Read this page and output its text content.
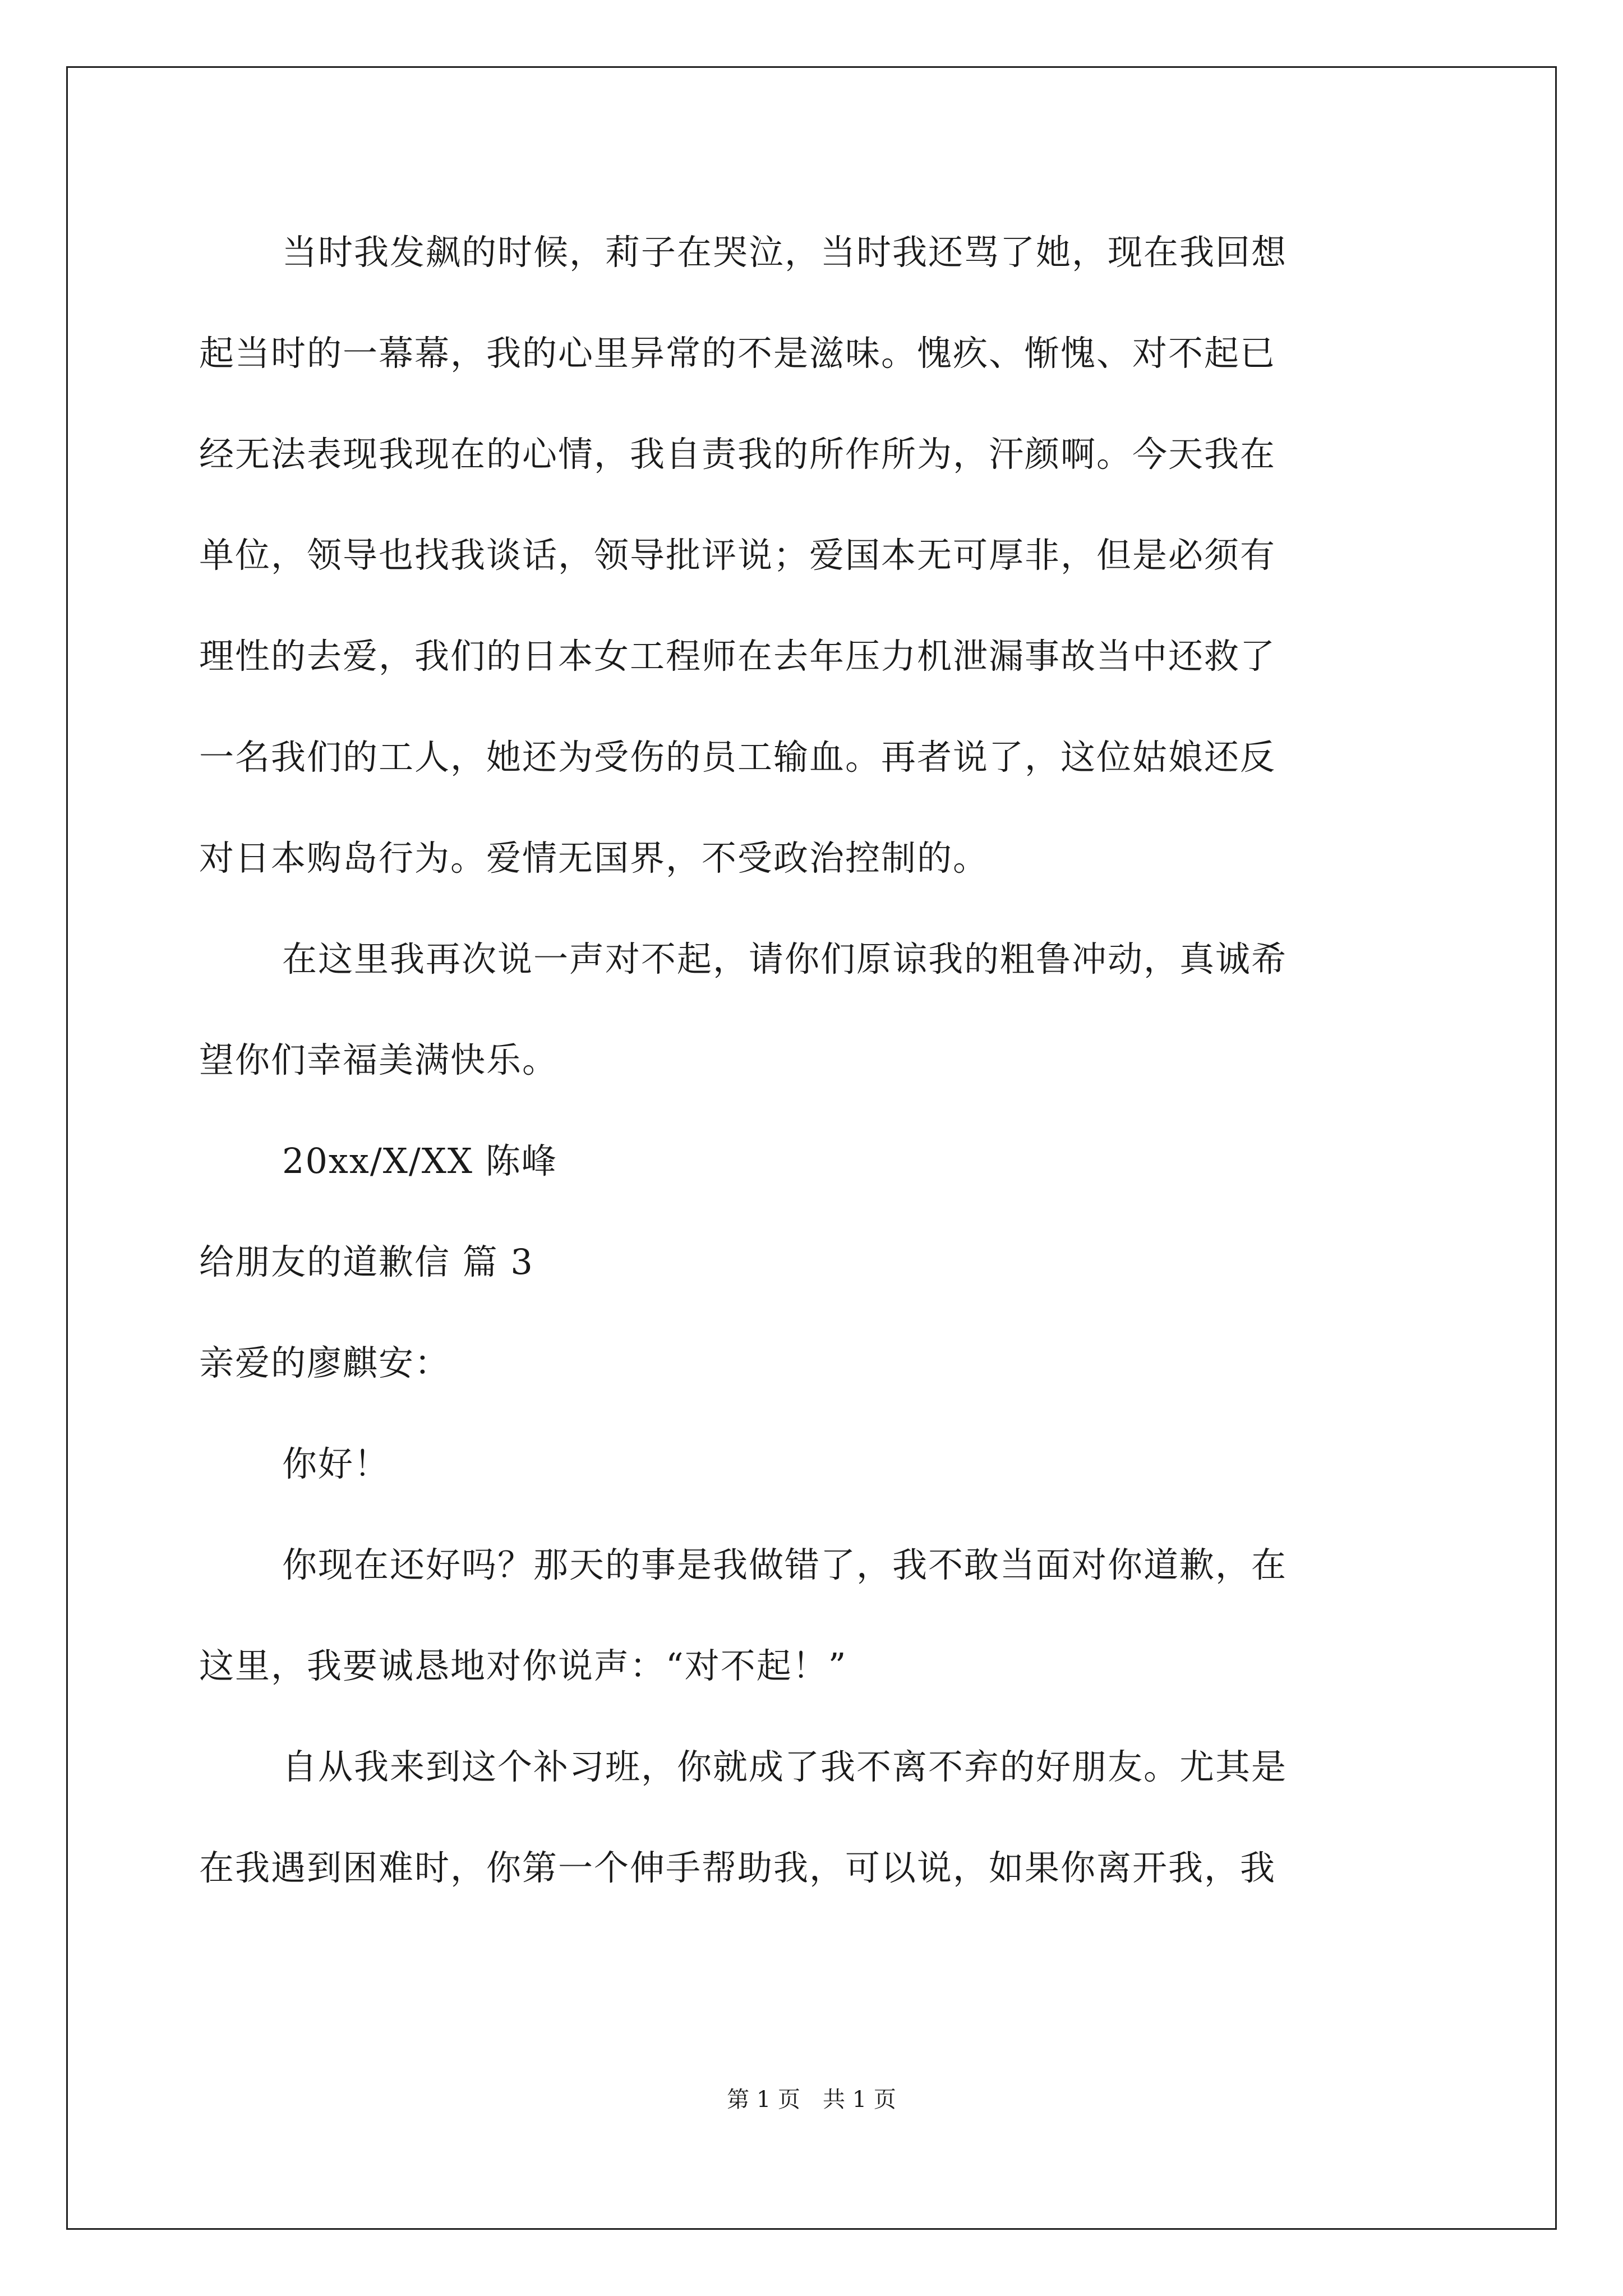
当时我发飙的时候，莉子在哭泣，当时我还骂了她，现在我回想
起当时的一幕幕，我的心里异常的不是滋味。愧疚、惭愧、对不起已
经无法表现我现在的心情，我自责我的所作所为，汗颜啊。今天我在
单位，领导也找我谈话，领导批评说；爱国本无可厚非，但是必须有
理性的去爱，我们的日本女工程师在去年压力机泄漏事故当中还救了
一名我们的工人，她还为受伤的员工输血。再者说了，这位姑娘还反
对日本购岛行为。爱情无国界，不受政治控制的。
在这里我再次说一声对不起，请你们原谅我的粗鲁冲动，真诚希
望你们幸福美满快乐。
20xx/X/XX 陈峰
给朋友的道歉信 篇 3
亲爱的廖麒安：
你好！
你现在还好吗？那天的事是我做错了，我不敢当面对你道歉，在
这里，我要诚恳地对你说声：“对不起！”
自从我来到这个补习班，你就成了我不离不弃的好朋友。尤其是
在我遇到困难时，你第一个伸手帮助我，可以说，如果你离开我，我
第 1 页　共 1 页
